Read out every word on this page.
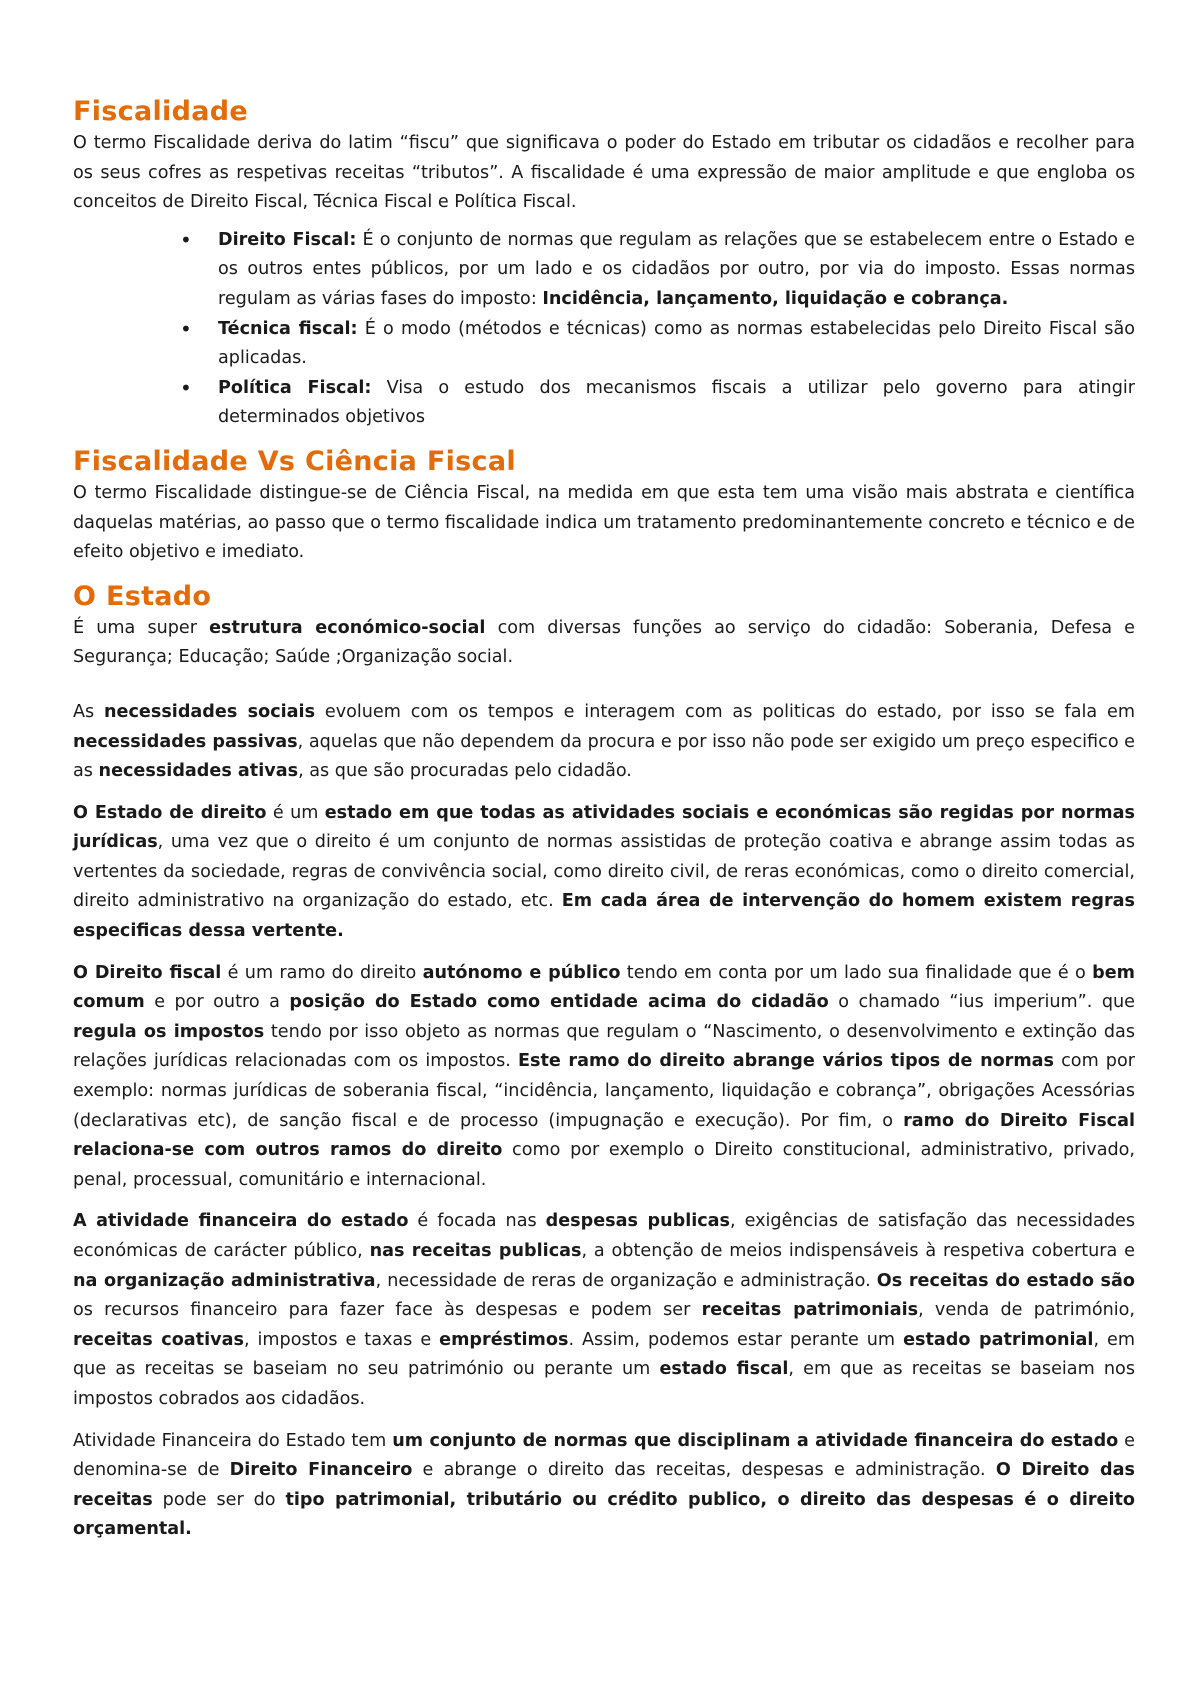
Fiscalidade

O termo Fiscalidade deriva do latim “fiscu” que significava o poder do Estado em tributar os cidadãos e recolher para os seus cofres as respetivas receitas “tributos”. A fiscalidade é uma expressão de maior amplitude e que engloba os conceitos de Direito Fiscal, Técnica Fiscal e Política Fiscal.

• Direito Fiscal: É o conjunto de normas que regulam as relações que se estabelecem entre o Estado e os outros entes públicos, por um lado e os cidadãos por outro, por via do imposto. Essas normas regulam as várias fases do imposto: Incidência, lançamento, liquidação e cobrança.
• Técnica fiscal: É o modo (métodos e técnicas) como as normas estabelecidas pelo Direito Fiscal são aplicadas.
• Política Fiscal: Visa o estudo dos mecanismos fiscais a utilizar pelo governo para atingir determinados objetivos
Fiscalidade Vs Ciência Fiscal

O termo Fiscalidade distingue-se de Ciência Fiscal, na medida em que esta tem uma visão mais abstrata e científica daquelas matérias, ao passo que o termo fiscalidade indica um tratamento predominantemente concreto e técnico e de efeito objetivo e imediato.

O Estado

É uma super estrutura económico-social com diversas funções ao serviço do cidadão: Soberania, Defesa e Segurança; Educação; Saúde ;Organização social.

As necessidades sociais evoluem com os tempos e interagem com as politicas do estado, por isso se fala em necessidades passivas, aquelas que não dependem da procura e por isso não pode ser exigido um preço especifico e as necessidades ativas, as que são procuradas pelo cidadão.

O Estado de direito é um estado em que todas as atividades sociais e económicas são regidas por normas jurídicas, uma vez que o direito é um conjunto de normas assistidas de proteção coativa e abrange assim todas as vertentes da sociedade, regras de convivência social, como direito civil, de reras económicas, como o direito comercial, direito administrativo na organização do estado, etc. Em cada área de intervenção do homem existem regras especificas dessa vertente.

O Direito fiscal é um ramo do direito autónomo e público tendo em conta por um lado sua finalidade que é o bem comum e por outro a posição do Estado como entidade acima do cidadão o chamado “ius imperium”. que regula os impostos tendo por isso objeto as normas que regulam o “Nascimento, o desenvolvimento e extinção das relações jurídicas relacionadas com os impostos. Este ramo do direito abrange vários tipos de normas com por exemplo: normas jurídicas de soberania fiscal, “incidência, lançamento, liquidação e cobrança”, obrigações Acessórias (declarativas etc), de sanção fiscal e de processo (impugnação e execução). Por fim, o ramo do Direito Fiscal relaciona-se com outros ramos do direito como por exemplo o Direito constitucional, administrativo, privado, penal, processual, comunitário e internacional.

A atividade financeira do estado é focada nas despesas publicas, exigências de satisfação das necessidades económicas de carácter público, nas receitas publicas, a obtenção de meios indispensáveis à respetiva cobertura e na organização administrativa, necessidade de reras de organização e administração. Os receitas do estado são os recursos financeiro para fazer face às despesas e podem ser receitas patrimoniais, venda de património, receitas coativas, impostos e taxas e empréstimos. Assim, podemos estar perante um estado patrimonial, em que as receitas se baseiam no seu património ou perante um estado fiscal, em que as receitas se baseiam nos impostos cobrados aos cidadãos.

Atividade Financeira do Estado tem um conjunto de normas que disciplinam a atividade financeira do estado e denomina-se de Direito Financeiro e abrange o direito das receitas, despesas e administração. O Direito das receitas pode ser do tipo patrimonial, tributário ou crédito publico, o direito das despesas é o direito orçamental.
